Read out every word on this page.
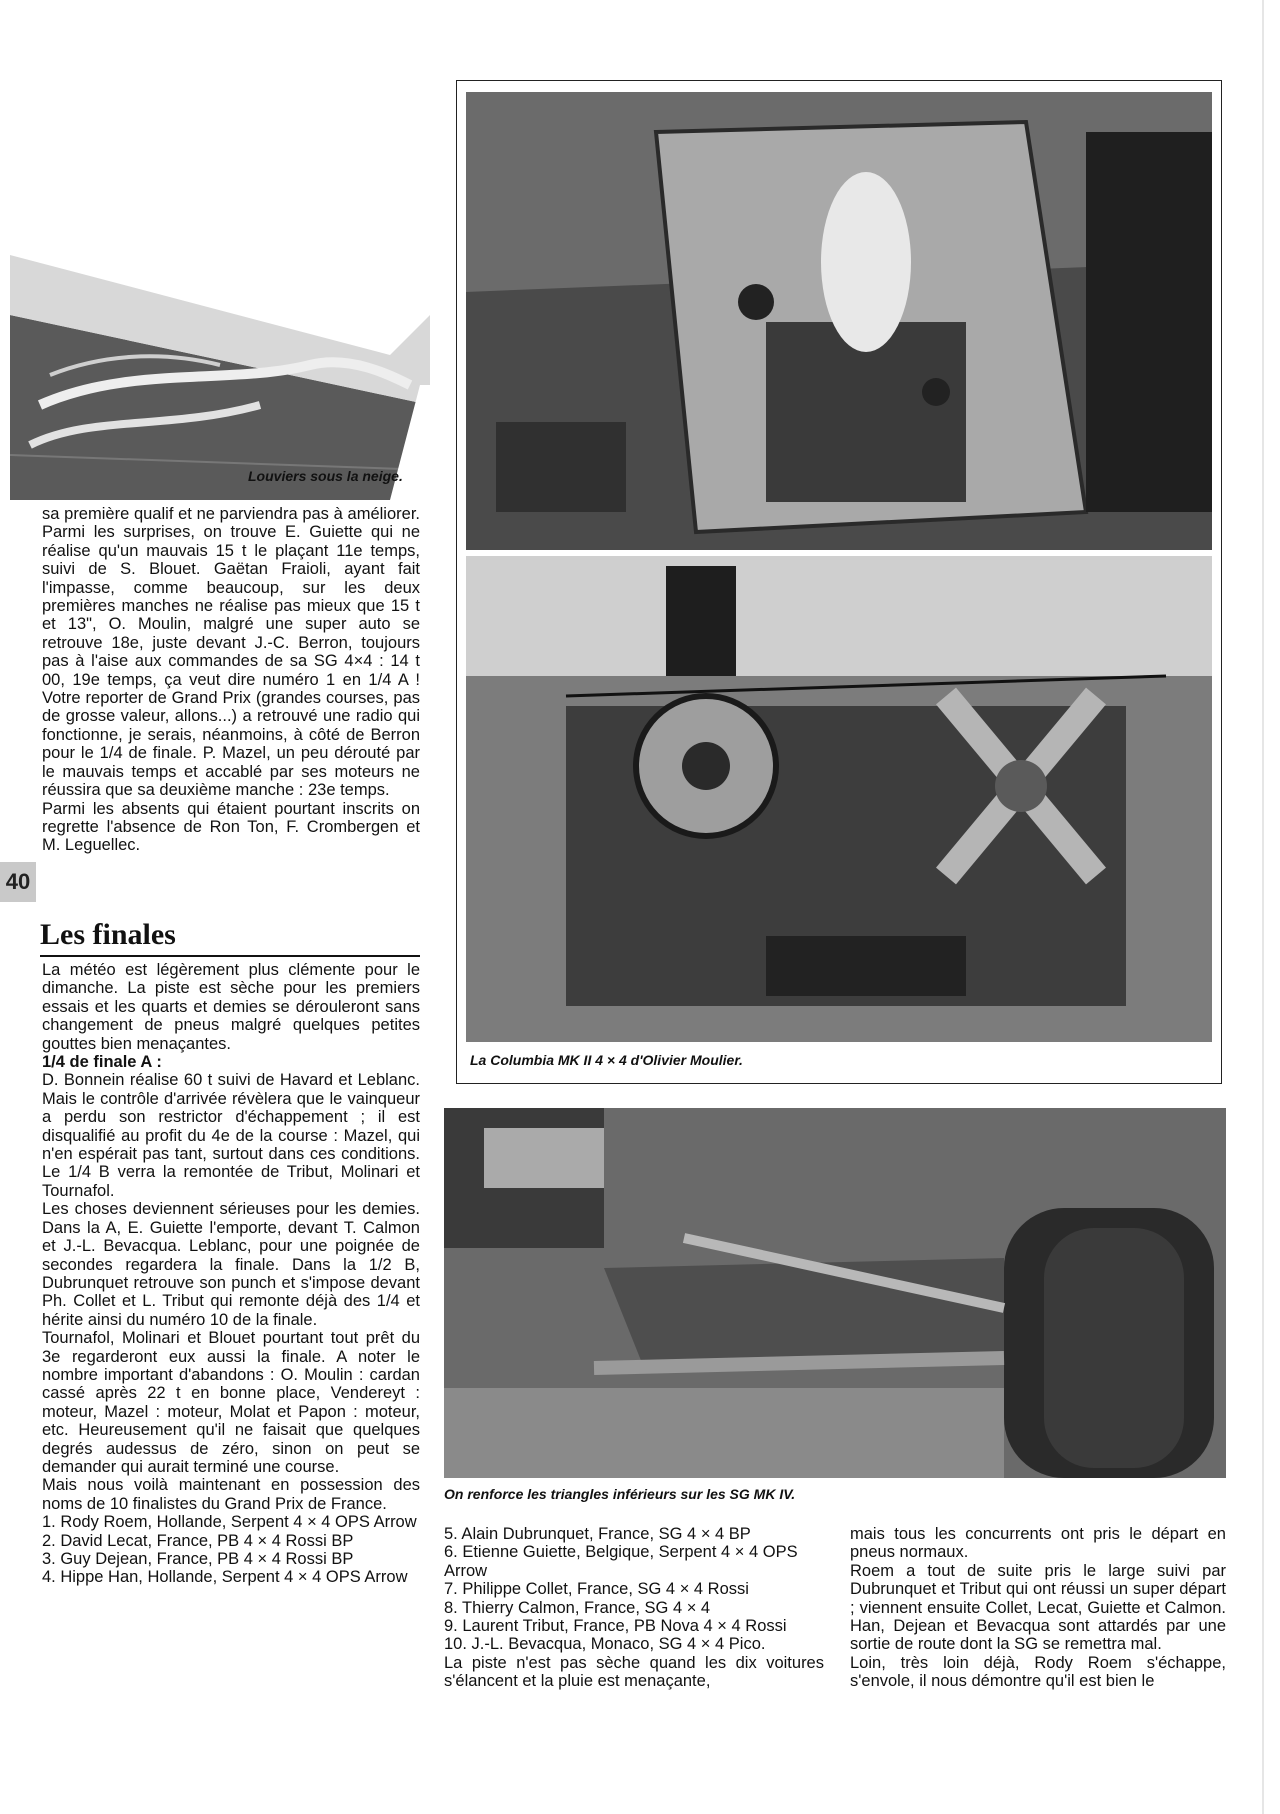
Louviers sous la neige.
La Columbia MK II 4 × 4 d'Olivier Moulier.
On renforce les triangles inférieurs sur les SG MK IV.
40

sa première qualif et ne parviendra pas à améliorer. Parmi les surprises, on trouve E. Guiette qui ne réalise qu'un mauvais 15 t le plaçant 11e temps, suivi de S. Blouet. Gaëtan Fraioli, ayant fait l'impasse, comme beaucoup, sur les deux premières manches ne réalise pas mieux que 15 t et 13", O. Moulin, malgré une super auto se retrouve 18e, juste devant J.-C. Berron, toujours pas à l'aise aux commandes de sa SG 4×4 : 14 t 00, 19e temps, ça veut dire numéro 1 en 1/4 A ! Votre reporter de Grand Prix (grandes courses, pas de grosse valeur, allons...) a retrouvé une radio qui fonctionne, je serais, néanmoins, à côté de Berron pour le 1/4 de finale. P. Mazel, un peu dérouté par le mauvais temps et accablé par ses moteurs ne réussira que sa deuxième manche : 23e temps.

Parmi les absents qui étaient pourtant inscrits on regrette l'absence de Ron Ton, F. Crombergen et M. Leguellec.

Les finales

La météo est légèrement plus clémente pour le dimanche. La piste est sèche pour les premiers essais et les quarts et demies se dérouleront sans changement de pneus malgré quelques petites gouttes bien menaçantes.

1/4 de finale A :

D. Bonnein réalise 60 t suivi de Havard et Leblanc. Mais le contrôle d'arrivée révèlera que le vainqueur a perdu son restrictor d'échappement ; il est disqualifié au profit du 4e de la course : Mazel, qui n'en espérait pas tant, surtout dans ces conditions. Le 1/4 B verra la remontée de Tribut, Molinari et Tournafol.

Les choses deviennent sérieuses pour les demies. Dans la A, E. Guiette l'emporte, devant T. Calmon et J.-L. Bevacqua. Leblanc, pour une poignée de secondes regardera la finale. Dans la 1/2 B, Dubrunquet retrouve son punch et s'impose devant Ph. Collet et L. Tribut qui remonte déjà des 1/4 et hérite ainsi du numéro 10 de la finale.

Tournafol, Molinari et Blouet pourtant tout prêt du 3e regarderont eux aussi la finale. A noter le nombre important d'abandons : O. Moulin : cardan cassé après 22 t en bonne place, Vendereyt : moteur, Mazel : moteur, Molat et Papon : moteur, etc. Heureusement qu'il ne faisait que quelques degrés audessus de zéro, sinon on peut se demander qui aurait terminé une course.

Mais nous voilà maintenant en possession des noms de 10 finalistes du Grand Prix de France.

1. Rody Roem, Hollande, Serpent 4 × 4 OPS Arrow

2. David Lecat, France, PB 4 × 4 Rossi BP

3. Guy Dejean, France, PB 4 × 4 Rossi BP

4. Hippe Han, Hollande, Serpent 4 × 4 OPS Arrow

5. Alain Dubrunquet, France, SG 4 × 4 BP

6. Etienne Guiette, Belgique, Serpent 4 × 4 OPS Arrow

7. Philippe Collet, France, SG 4 × 4 Rossi

8. Thierry Calmon, France, SG 4 × 4

9. Laurent Tribut, France, PB Nova 4 × 4 Rossi

10. J.-L. Bevacqua, Monaco, SG 4 × 4 Pico.

La piste n'est pas sèche quand les dix voitures s'élancent et la pluie est menaçante,

mais tous les concurrents ont pris le départ en pneus normaux.

Roem a tout de suite pris le large suivi par Dubrunquet et Tribut qui ont réussi un super départ ; viennent ensuite Collet, Lecat, Guiette et Calmon. Han, Dejean et Bevacqua sont attardés par une sortie de route dont la SG se remettra mal.

Loin, très loin déjà, Rody Roem s'échappe, s'envole, il nous démontre qu'il est bien le
